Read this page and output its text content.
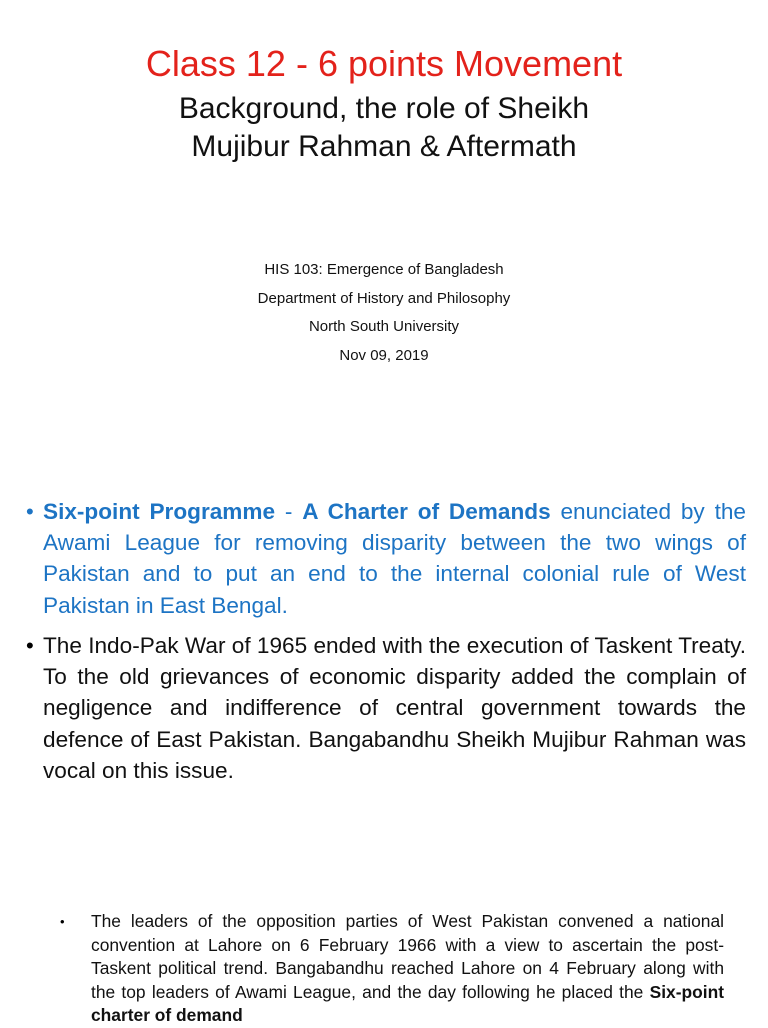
Class 12 - 6 points Movement
Background, the role of Sheikh
Mujibur Rahman & Aftermath
HIS 103: Emergence of Bangladesh
Department of History and Philosophy
North South University
Nov 09, 2019
• Six-point Programme - A Charter of Demands enunciated by the Awami League for removing disparity between the two wings of Pakistan and to put an end to the internal colonial rule of West Pakistan in East Bengal.
• The Indo-Pak War of 1965 ended with the execution of Taskent Treaty. To the old grievances of economic disparity added the complain of negligence and indifference of central government towards the defence of East Pakistan. Bangabandhu Sheikh Mujibur Rahman was vocal on this issue.
• The leaders of the opposition parties of West Pakistan convened a national convention at Lahore on 6 February 1966 with a view to ascertain the post-Taskent political trend. Bangabandhu reached Lahore on 4 February along with the top leaders of Awami League, and the day following he placed the Six-point charter of demand
